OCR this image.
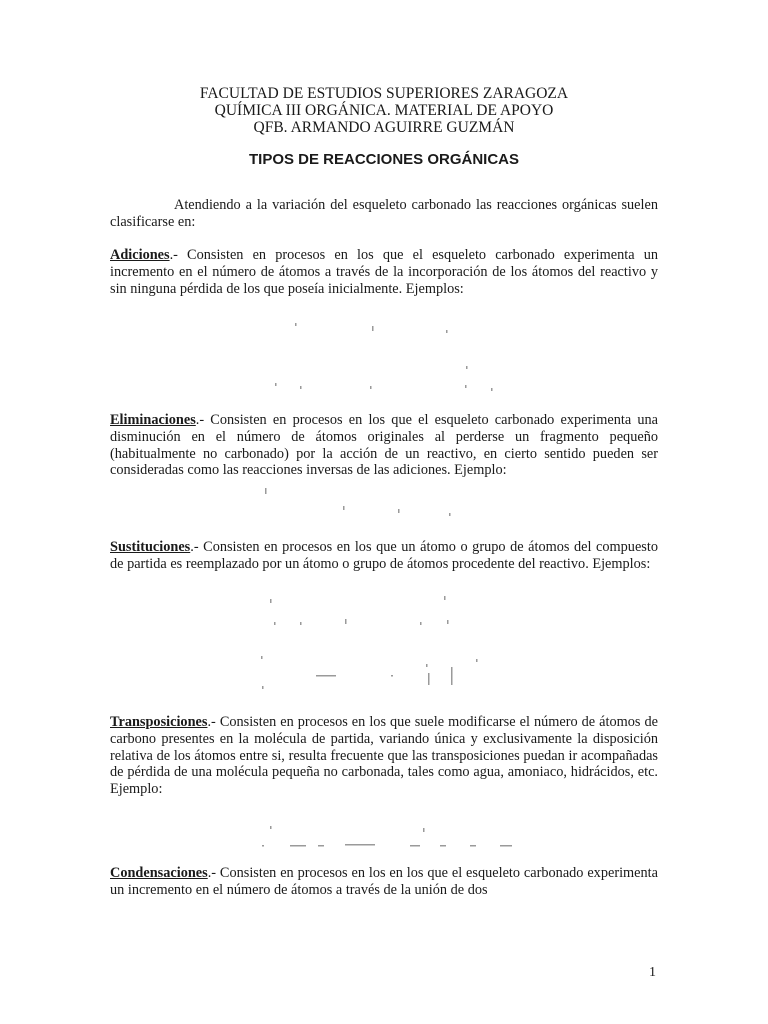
FACULTAD DE ESTUDIOS SUPERIORES ZARAGOZA
QUÍMICA III ORGÁNICA. MATERIAL DE APOYO
QFB. ARMANDO AGUIRRE GUZMÁN
TIPOS DE REACCIONES ORGÁNICAS
Atendiendo a la variación del esqueleto carbonado las reacciones orgánicas suelen clasificarse en:
Adiciones.- Consisten en procesos en los que el esqueleto carbonado experimenta un incremento en el número de átomos a través de la incorporación de los átomos del reactivo y sin ninguna pérdida de los que poseía inicialmente. Ejemplos:
Eliminaciones.- Consisten en procesos en los que el esqueleto carbonado experimenta una disminución en el número de átomos originales al perderse un fragmento pequeño (habitualmente no carbonado) por la acción de un reactivo, en cierto sentido pueden ser consideradas como las reacciones inversas de las adiciones. Ejemplo:
Sustituciones.- Consisten en procesos en los que un átomo o grupo de átomos del compuesto de partida es reemplazado por un átomo o grupo de átomos procedente del reactivo. Ejemplos:
Transposiciones.- Consisten en procesos en los que suele modificarse el número de átomos de carbono presentes en la molécula de partida, variando única y exclusivamente la disposición relativa de los átomos entre si, resulta frecuente que las transposiciones puedan ir acompañadas de pérdida de una molécula pequeña no carbonada, tales como agua, amoniaco, hidrácidos, etc. Ejemplo:
Condensaciones.- Consisten en procesos en los en los que el esqueleto carbonado experimenta un incremento en el número de átomos a través de la unión de dos
1
